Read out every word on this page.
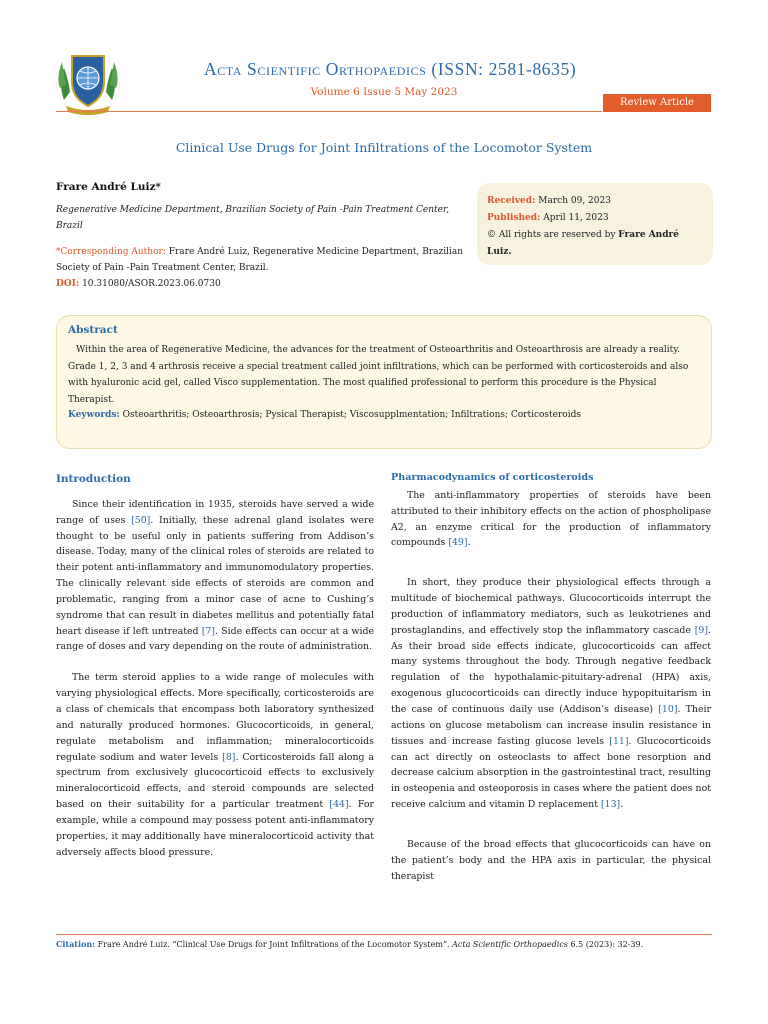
Acta Scientific Orthopaedics (ISSN: 2581-8635)
Volume 6 Issue 5 May 2023
Review Article
Clinical Use Drugs for Joint Infiltrations of the Locomotor System
Frare André Luiz*
Regenerative Medicine Department, Brazilian Society of Pain -Pain Treatment Center, Brazil
*Corresponding Author: Frare André Luiz, Regenerative Medicine Department, Brazilian Society of Pain -Pain Treatment Center, Brazil.
DOI: 10.31080/ASOR.2023.06.0730
Received: March 09, 2023
Published: April 11, 2023
© All rights are reserved by Frare André Luiz.
Abstract

Within the area of Regenerative Medicine, the advances for the treatment of Osteoarthritis and Osteoarthrosis are already a reality. Grade 1, 2, 3 and 4 arthrosis receive a special treatment called joint infiltrations, which can be performed with corticosteroids and also with hyaluronic acid gel, called Visco supplementation. The most qualified professional to perform this procedure is the Physical Therapist.

Keywords: Osteoarthritis; Osteoarthrosis; Pysical Therapist; Viscosupplmentation; Infiltrations; Corticosteroids
Introduction

Since their identification in 1935, steroids have served a wide range of uses [50]. Initially, these adrenal gland isolates were thought to be useful only in patients suffering from Addison’s disease. Today, many of the clinical roles of steroids are related to their potent anti-inflammatory and immunomodulatory properties. The clinically relevant side effects of steroids are common and problematic, ranging from a minor case of acne to Cushing’s syndrome that can result in diabetes mellitus and potentially fatal heart disease if left untreated [7]. Side effects can occur at a wide range of doses and vary depending on the route of administration.

The term steroid applies to a wide range of molecules with varying physiological effects. More specifically, corticosteroids are a class of chemicals that encompass both laboratory synthesized and naturally produced hormones. Glucocorticoids, in general, regulate metabolism and inflammation; mineralocorticoids regulate sodium and water levels [8]. Corticosteroids fall along a spectrum from exclusively glucocorticoid effects to exclusively mineralocorticoid effects, and steroid compounds are selected based on their suitability for a particular treatment [44]. For example, while a compound may possess potent anti-inflammatory properties, it may additionally have mineralocorticoid activity that adversely affects blood pressure.

Pharmacodynamics of corticosteroids

The anti-inflammatory properties of steroids have been attributed to their inhibitory effects on the action of phospholipase A2, an enzyme critical for the production of inflammatory compounds [49].

In short, they produce their physiological effects through a multitude of biochemical pathways. Glucocorticoids interrupt the production of inflammatory mediators, such as leukotrienes and prostaglandins, and effectively stop the inflammatory cascade [9]. As their broad side effects indicate, glucocorticoids can affect many systems throughout the body. Through negative feedback regulation of the hypothalamic-pituitary-adrenal (HPA) axis, exogenous glucocorticoids can directly induce hypopituitarism in the case of continuous daily use (Addison’s disease) [10]. Their actions on glucose metabolism can increase insulin resistance in tissues and increase fasting glucose levels [11]. Glucocorticoids can act directly on osteoclasts to affect bone resorption and decrease calcium absorption in the gastrointestinal tract, resulting in osteopenia and osteoporosis in cases where the patient does not receive calcium and vitamin D replacement [13].

Because of the broad effects that glucocorticoids can have on the patient’s body and the HPA axis in particular, the physical therapist

Citation: Frare André Luiz. “Clinical Use Drugs for Joint Infiltrations of the Locomotor System”. Acta Scientific Orthopaedics 6.5 (2023): 32-39.
